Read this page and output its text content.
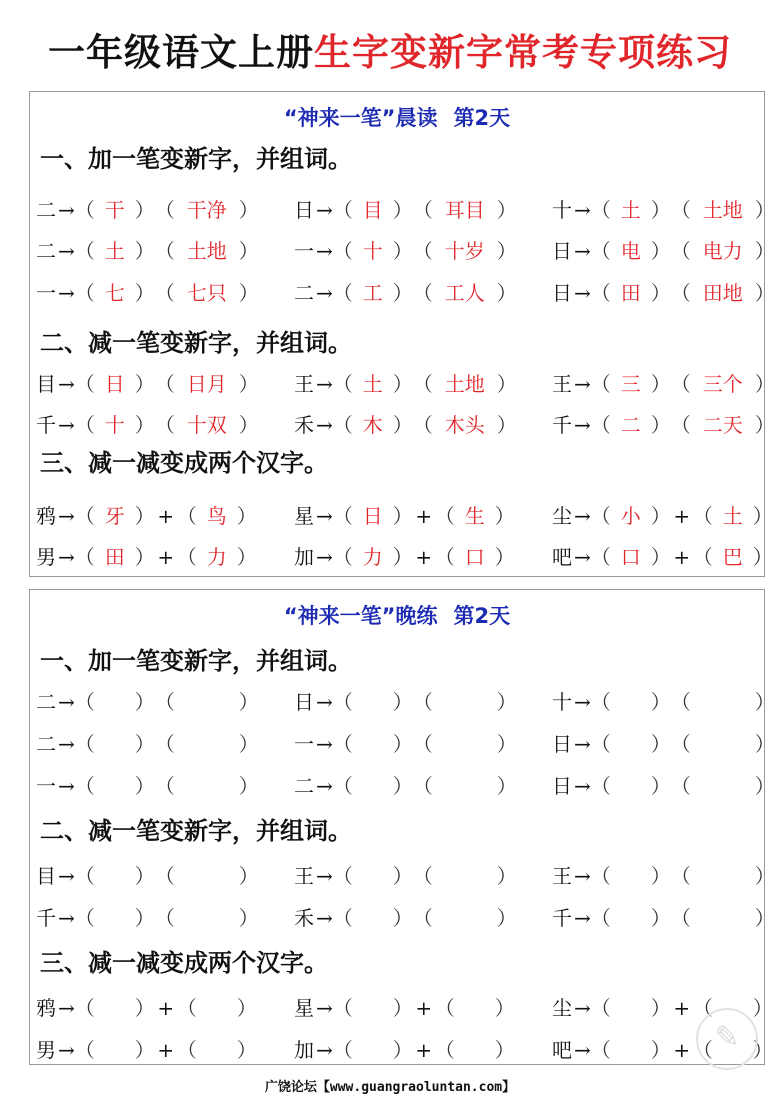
一年级语文上册生字变新字常考专项练习
“神来一笔”晨读 第2天
一、加一笔变新字，并组词。
二 →（ 干 ）（ 干净 ） 日 →（ 目 ）（ 耳目 ） 十 →（ 土 ）（ 土地 ）
二 →（ 土 ）（ 土地 ） 一 →（ 十 ）（ 十岁 ） 日 →（ 电 ）（ 电力 ）
一 →（ 七 ）（ 七只 ） 二 →（ 工 ）（ 工人 ） 日 →（ 田 ）（ 田地 ）
二、减一笔变新字，并组词。
目 →（ 日 ）（ 日月 ） 王 →（ 土 ）（ 土地 ） 王 →（ 三 ）（ 三个 ）
千 →（ 十 ）（ 十双 ） 禾 →（ 木 ）（ 木头 ） 千 →（ 二 ）（ 二天 ）
三、减一减变成两个汉字。
鸦 →（ 牙 ） + （ 鸟 ） 星 →（ 日 ） + （ 生 ） 尘 →（ 小 ） + （ 土 ）
男 →（ 田 ） + （ 力 ） 加 →（ 力 ） + （ 口 ） 吧 →（ 口 ） + （ 巴 ）
“神来一笔”晚练 第2天
一、加一笔变新字，并组词。
二 →（ ）（	） 日 →（ ）（	） 十 →（ ）（	）
二 →（ ）（	） 一 →（ ）（	） 日 →（ ）（	）
一 →（ ）（	） 二 →（ ）（	） 日 →（ ）（	）
二、减一笔变新字，并组词。
目 →（ ）（	） 王 →（ ）（	） 王 →（ ）（	）
千 →（ ）（	） 禾 →（ ）（	） 千 →（ ）（	）
三、减一减变成两个汉字。
鸦 →（ ） + （ ） 星 →（ ） + （ ） 尘 →（ ） + （ ）
男 →（ ） + （ ） 加 →（ ） + （ ） 吧 →（ ） + （ ）
广饶论坛【www.guangraoluntan.com】
✎
